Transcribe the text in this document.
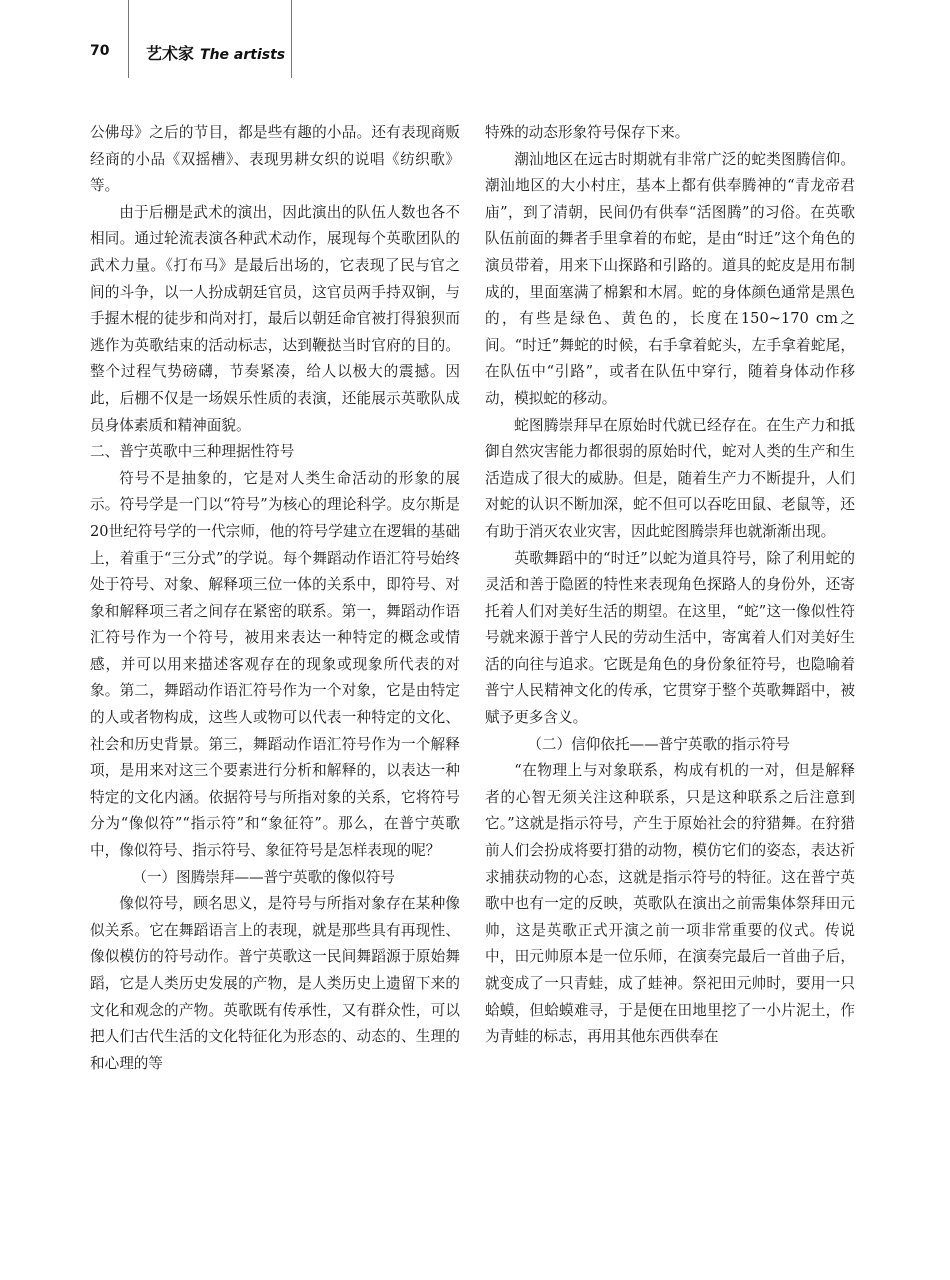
70 艺术家 The artists

公佛母》之后的节目，都是些有趣的小品。还有表现商贩经商的小品《双摇槽》、表现男耕女织的说唱《纺织歌》等。

由于后棚是武术的演出，因此演出的队伍人数也各不相同。通过轮流表演各种武术动作，展现每个英歌团队的武术力量。《打布马》是最后出场的，它表现了民与官之间的斗争，以一人扮成朝廷官员，这官员两手持双锏，与手握木棍的徒步和尚对打，最后以朝廷命官被打得狼狈而逃作为英歌结束的活动标志，达到鞭挞当时官府的目的。整个过程气势磅礴，节奏紧凑，给人以极大的震撼。因此，后棚不仅是一场娱乐性质的表演，还能展示英歌队成员身体素质和精神面貌。

二、普宁英歌中三种理据性符号

符号不是抽象的，它是对人类生命活动的形象的展示。符号学是一门以“符号”为核心的理论科学。皮尔斯是20世纪符号学的一代宗师，他的符号学建立在逻辑的基础上，着重于“三分式”的学说。每个舞蹈动作语汇符号始终处于符号、对象、解释项三位一体的关系中，即符号、对象和解释项三者之间存在紧密的联系。第一，舞蹈动作语汇符号作为一个符号，被用来表达一种特定的概念或情感，并可以用来描述客观存在的现象或现象所代表的对象。第二，舞蹈动作语汇符号作为一个对象，它是由特定的人或者物构成，这些人或物可以代表一种特定的文化、社会和历史背景。第三，舞蹈动作语汇符号作为一个解释项，是用来对这三个要素进行分析和解释的，以表达一种特定的文化内涵。依据符号与所指对象的关系，它将符号分为“像似符”“指示符”和“象征符”。那么，在普宁英歌中，像似符号、指示符号、象征符号是怎样表现的呢？

（一）图腾崇拜——普宁英歌的像似符号

像似符号，顾名思义，是符号与所指对象存在某种像似关系。它在舞蹈语言上的表现，就是那些具有再现性、像似模仿的符号动作。普宁英歌这一民间舞蹈源于原始舞蹈，它是人类历史发展的产物，是人类历史上遗留下来的文化和观念的产物。英歌既有传承性，又有群众性，可以把人们古代生活的文化特征化为形态的、动态的、生理的和心理的等

特殊的动态形象符号保存下来。

潮汕地区在远古时期就有非常广泛的蛇类图腾信仰。潮汕地区的大小村庄，基本上都有供奉腾神的“青龙帝君庙”，到了清朝，民间仍有供奉“活图腾”的习俗。在英歌队伍前面的舞者手里拿着的布蛇，是由“时迁”这个角色的演员带着，用来下山探路和引路的。道具的蛇皮是用布制成的，里面塞满了棉絮和木屑。蛇的身体颜色通常是黑色的，有些是绿色、黄色的，长度在150~170 cm之间。“时迁”舞蛇的时候，右手拿着蛇头，左手拿着蛇尾，在队伍中“引路”，或者在队伍中穿行，随着身体动作移动，模拟蛇的移动。

蛇图腾崇拜早在原始时代就已经存在。在生产力和抵御自然灾害能力都很弱的原始时代，蛇对人类的生产和生活造成了很大的威胁。但是，随着生产力不断提升，人们对蛇的认识不断加深，蛇不但可以吞吃田鼠、老鼠等，还有助于消灭农业灾害，因此蛇图腾崇拜也就渐渐出现。

英歌舞蹈中的“时迁”以蛇为道具符号，除了利用蛇的灵活和善于隐匿的特性来表现角色探路人的身份外，还寄托着人们对美好生活的期望。在这里，“蛇”这一像似性符号就来源于普宁人民的劳动生活中，寄寓着人们对美好生活的向往与追求。它既是角色的身份象征符号，也隐喻着普宁人民精神文化的传承，它贯穿于整个英歌舞蹈中，被赋予更多含义。

（二）信仰依托——普宁英歌的指示符号

“在物理上与对象联系，构成有机的一对，但是解释者的心智无须关注这种联系，只是这种联系之后注意到它。”这就是指示符号，产生于原始社会的狩猎舞。在狩猎前人们会扮成将要打猎的动物，模仿它们的姿态，表达祈求捕获动物的心态，这就是指示符号的特征。这在普宁英歌中也有一定的反映，英歌队在演出之前需集体祭拜田元帅，这是英歌正式开演之前一项非常重要的仪式。传说中，田元帅原本是一位乐师，在演奏完最后一首曲子后，就变成了一只青蛙，成了蛙神。祭祀田元帅时，要用一只蛤蟆，但蛤蟆难寻，于是便在田地里挖了一小片泥土，作为青蛙的标志，再用其他东西供奉在
